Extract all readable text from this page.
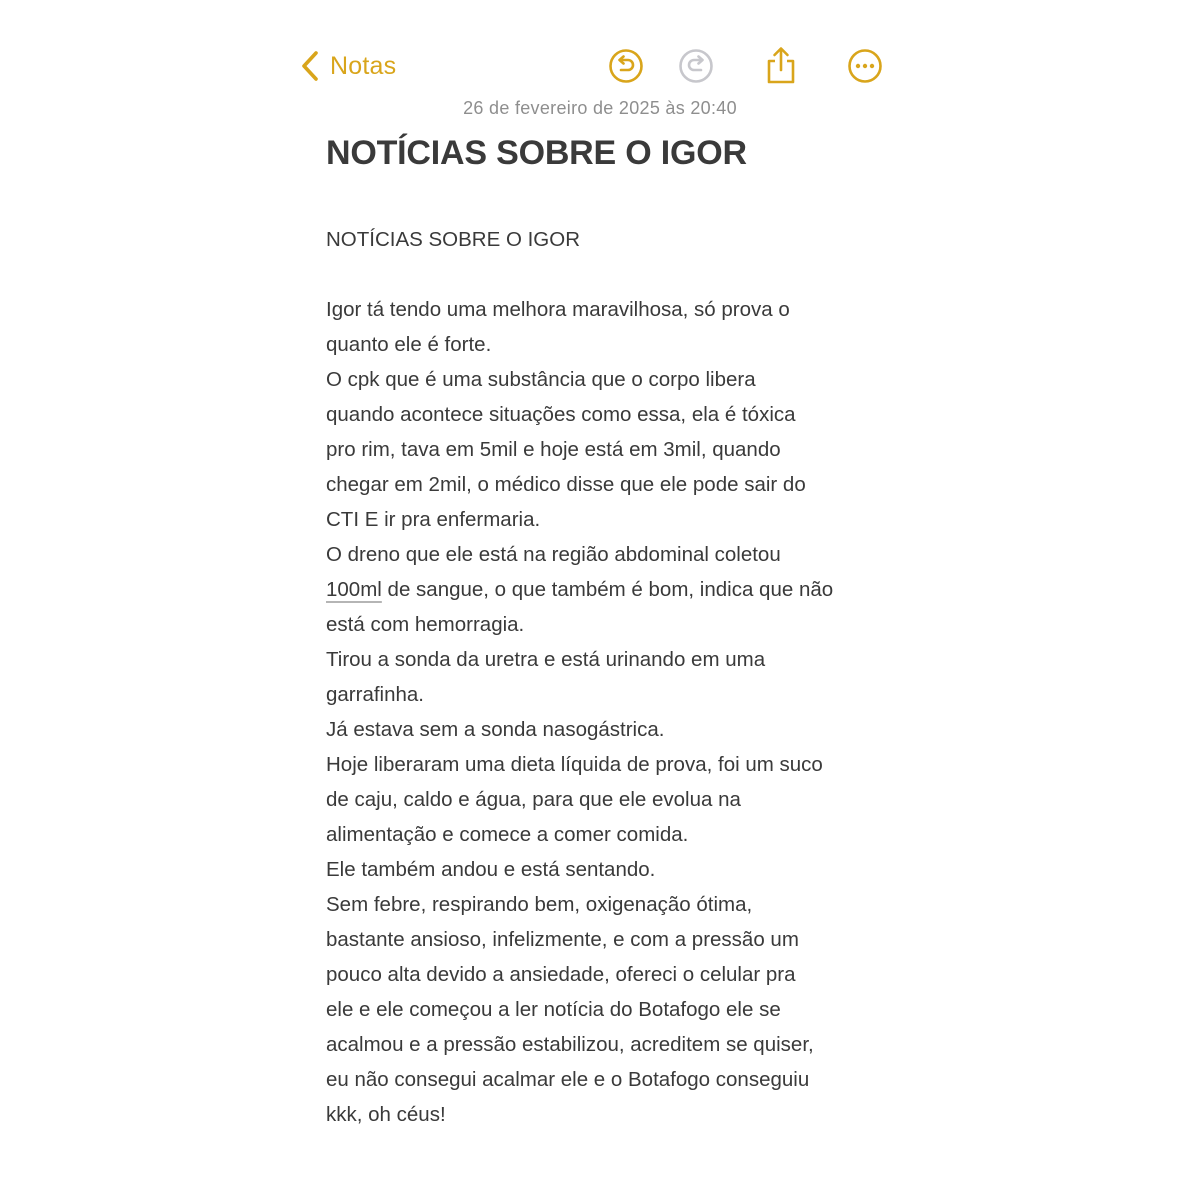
Notas
26 de fevereiro de 2025 às 20:40
NOTÍCIAS SOBRE O IGOR
NOTÍCIAS SOBRE O IGOR
Igor tá tendo uma melhora maravilhosa, só prova o
quanto ele é forte.
O cpk que é uma substância que o corpo libera
quando acontece situações como essa, ela é tóxica
pro rim, tava em 5mil e hoje está em 3mil, quando
chegar em 2mil, o médico disse que ele pode sair do
CTI E ir pra enfermaria.
O dreno que ele está na região abdominal coletou
100ml de sangue, o que também é bom, indica que não
está com hemorragia.
Tirou a sonda da uretra e está urinando em uma
garrafinha.
Já estava sem a sonda nasogástrica.
Hoje liberaram uma dieta líquida de prova, foi um suco
de caju, caldo e água, para que ele evolua na
alimentação e comece a comer comida.
Ele também andou e está sentando.
Sem febre, respirando bem, oxigenação ótima,
bastante ansioso, infelizmente, e com a pressão um
pouco alta devido a ansiedade, ofereci o celular pra
ele e ele começou a ler notícia do Botafogo ele se
acalmou e a pressão estabilizou, acreditem se quiser,
eu não consegui acalmar ele e o Botafogo conseguiu
kkk, oh céus!
